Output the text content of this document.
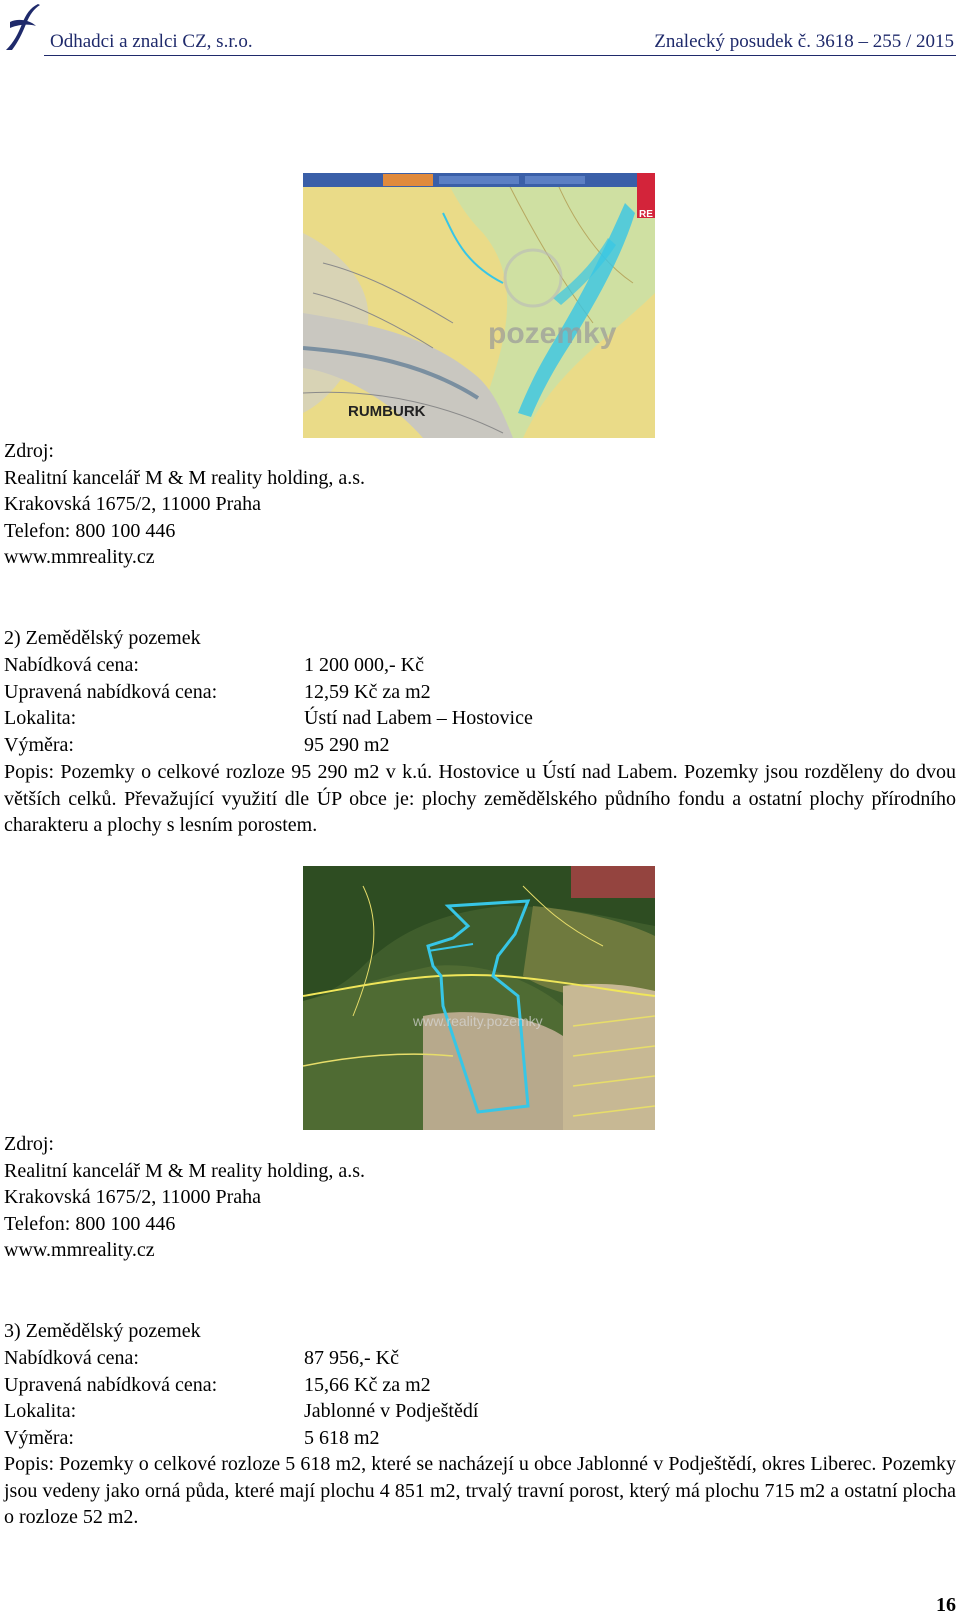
Odhadci a znalci CZ, s.r.o.	Znalecký posudek č. 3618 – 255 / 2015
RE
pozemky
RUMBURK
Zdroj:
Realitní kancelář M & M reality holding, a.s.
Krakovská 1675/2, 11000 Praha
Telefon: 800 100 446
www.mmreality.cz
2) Zemědělský pozemek
Nabídková cena:	1 200 000,- Kč
Upravená nabídková cena:	12,59 Kč za m2
Lokalita:	Ústí nad Labem – Hostovice
Výměra:	95 290 m2
Popis: Pozemky o celkové rozloze 95 290 m2 v k.ú. Hostovice u Ústí nad Labem. Pozemky jsou rozděleny do dvou větších celků. Převažující využití dle ÚP obce je: plochy zemědělského půdního fondu a ostatní plochy přírodního charakteru a plochy s lesním porostem.
www.reality.pozemky
Zdroj:
Realitní kancelář M & M reality holding, a.s.
Krakovská 1675/2, 11000 Praha
Telefon: 800 100 446
www.mmreality.cz
3) Zemědělský pozemek
Nabídková cena:	87 956,- Kč
Upravená nabídková cena:	15,66 Kč za m2
Lokalita:	Jablonné v Podještědí
Výměra:	5 618 m2
Popis: Pozemky o celkové rozloze 5 618 m2, které se nacházejí u obce Jablonné v Podještědí, okres Liberec. Pozemky jsou vedeny jako orná půda, které mají plochu 4 851 m2, trvalý travní porost, který má plochu 715 m2 a ostatní plocha o rozloze 52 m2.
16
